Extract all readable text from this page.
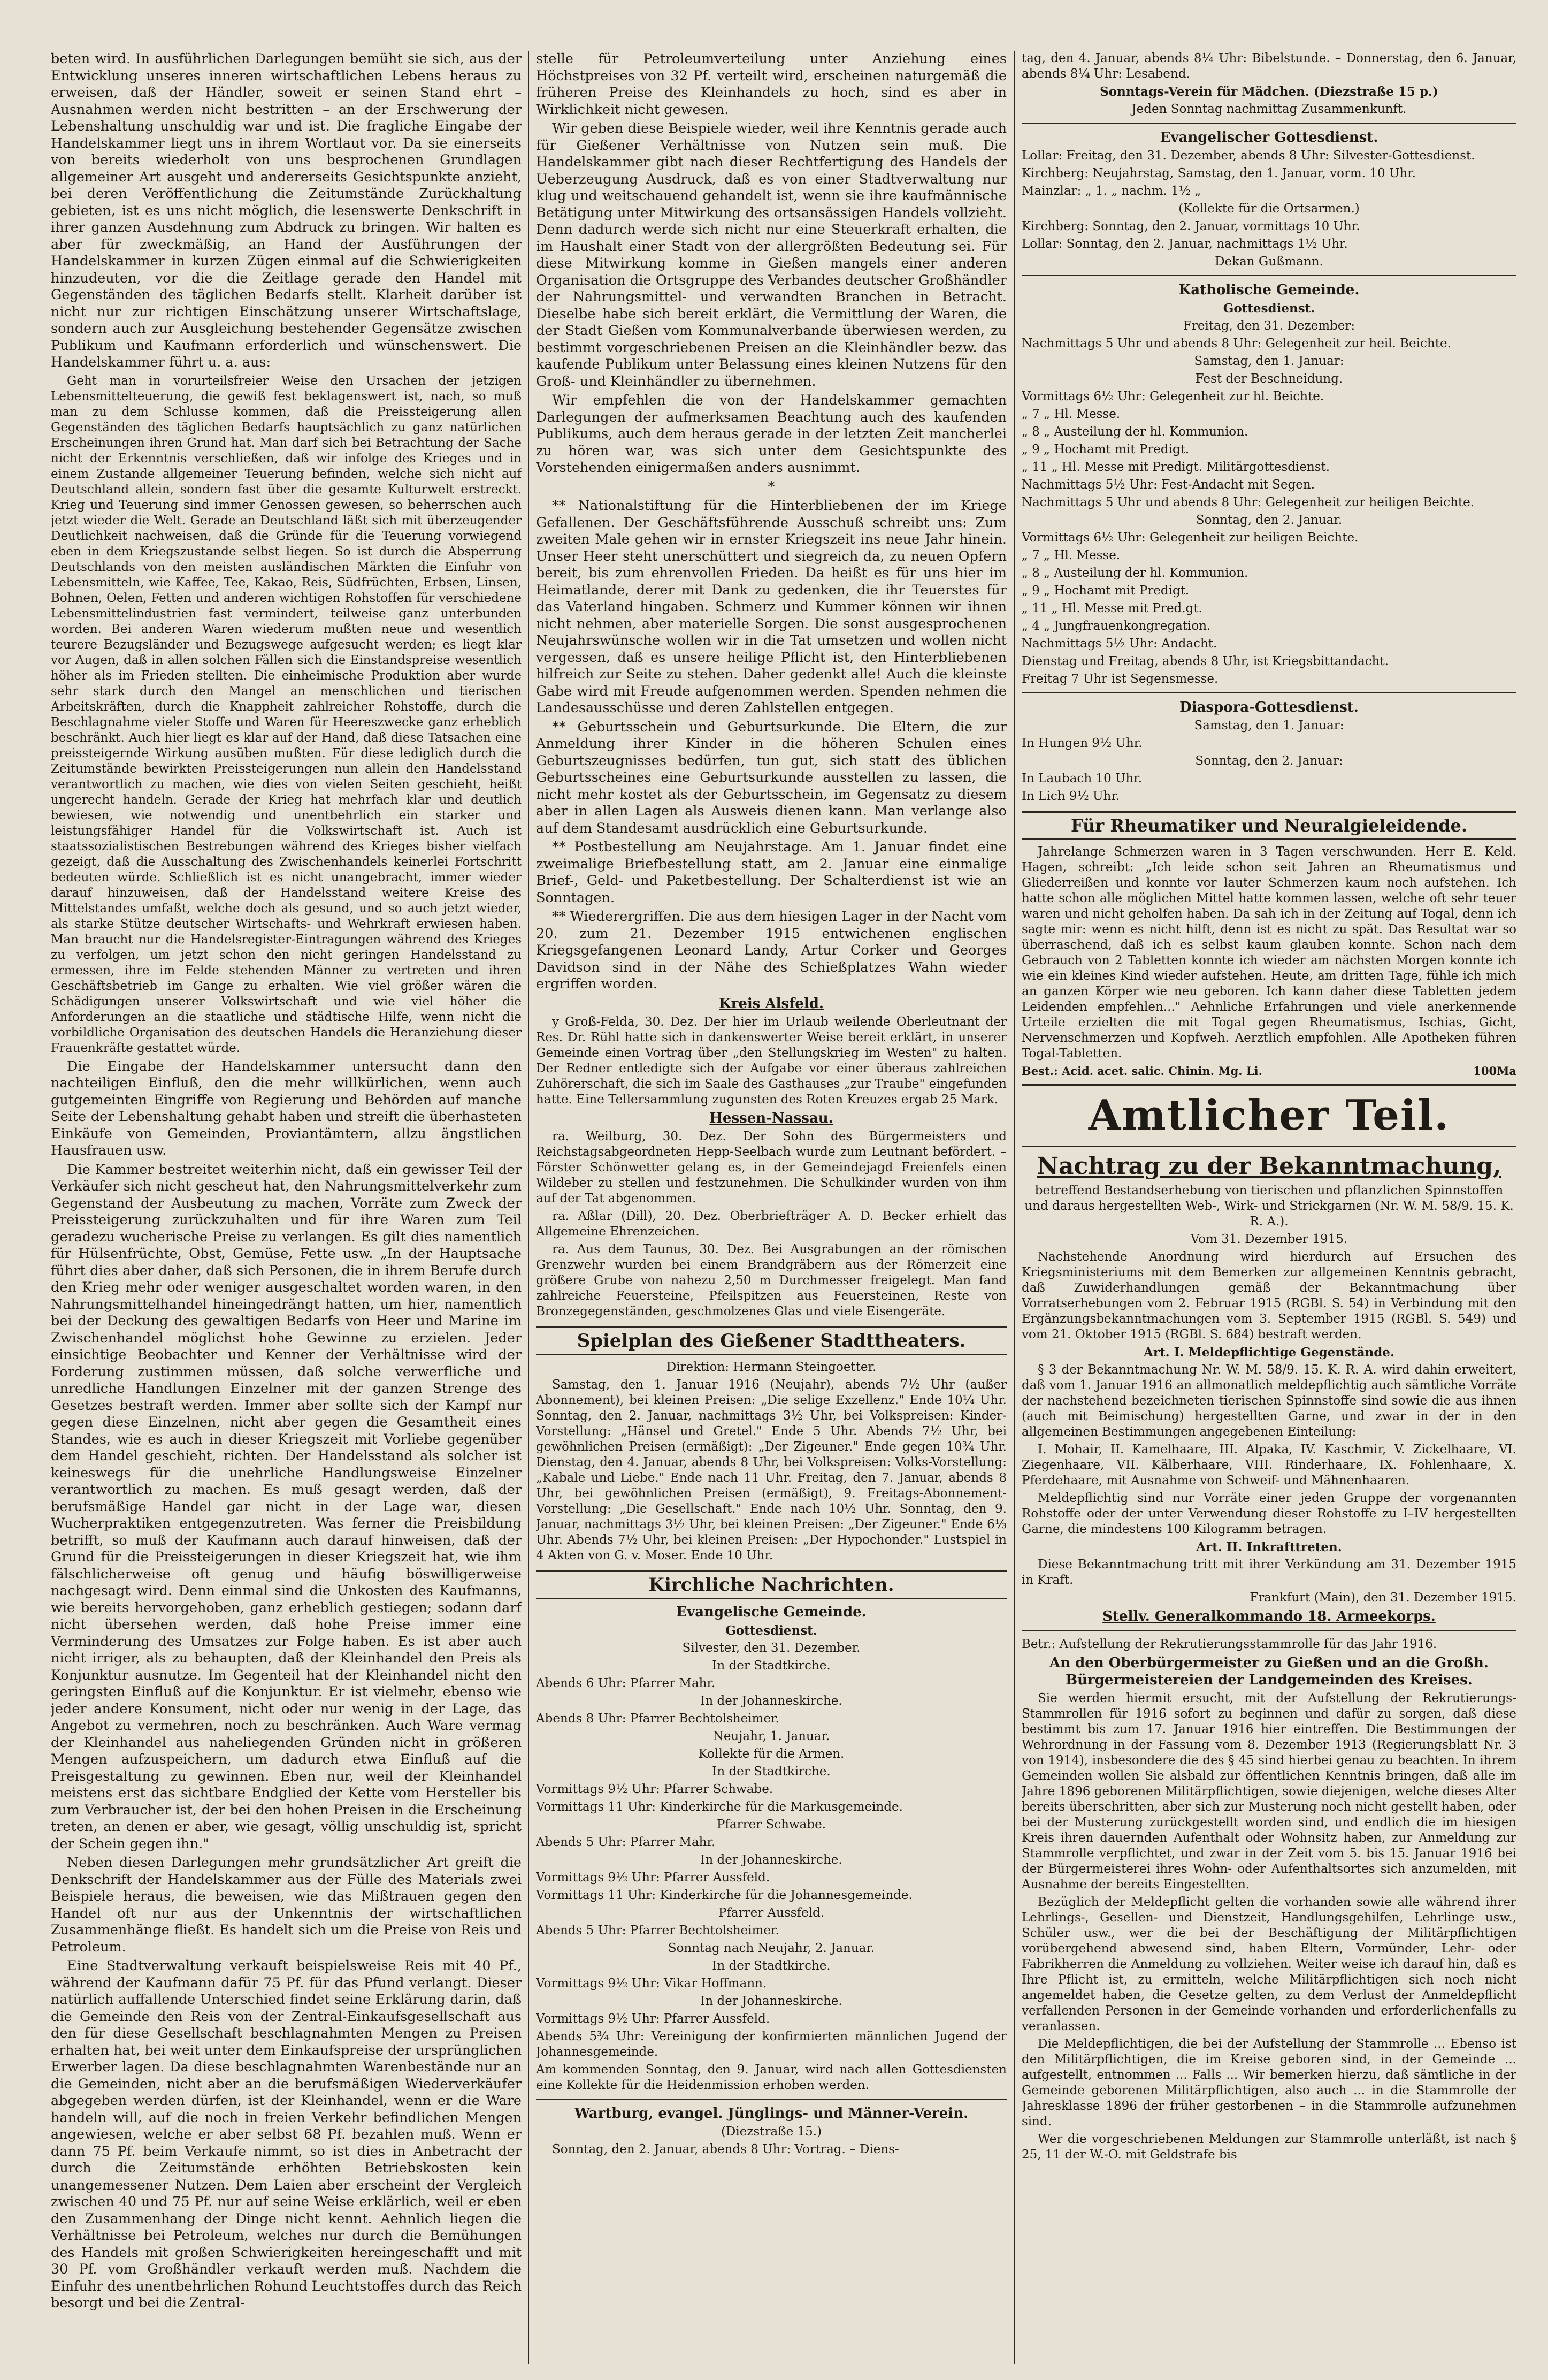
beten wird. In ausführlichen Darlegungen bemüht sie sich, aus der Entwicklung unseres inneren wirtschaftlichen Lebens heraus zu erweisen, daß der Händler, soweit er seinen Stand ehrt – Ausnahmen werden nicht bestritten – an der Erschwerung der Lebenshaltung unschuldig war und ist. Die fragliche Eingabe der Handelskammer liegt uns in ihrem Wortlaut vor. Da sie einerseits von bereits wiederholt von uns besprochenen Grundlagen allgemeiner Art ausgeht und andererseits Gesichtspunkte anzieht, bei deren Veröffentlichung die Zeitumstände Zurückhaltung gebieten, ist es uns nicht möglich, die lesenswerte Denkschrift in ihrer ganzen Ausdehnung zum Abdruck zu bringen. Wir halten es aber für zweckmäßig, an Hand der Ausführungen der Handelskammer in kurzen Zügen einmal auf die Schwierigkeiten hinzudeuten, vor die die Zeitlage gerade den Handel mit Gegenständen des täglichen Bedarfs stellt. Klarheit darüber ist nicht nur zur richtigen Einschätzung unserer Wirtschaftslage, sondern auch zur Ausgleichung bestehender Gegensätze zwischen Publikum und Kaufmann erforderlich und wünschenswert. Die Handelskammer führt u. a. aus:

Geht man in vorurteilsfreier Weise den Ursachen der jetzigen Lebensmittelteuerung, die gewiß fest beklagenswert ist, nach, so muß man zu dem Schlusse kommen, daß die Preissteigerung allen Gegenständen des täglichen Bedarfs hauptsächlich zu ganz natürlichen Erscheinungen ihren Grund hat. Man darf sich bei Betrachtung der Sache nicht der Erkenntnis verschließen, daß wir infolge des Krieges und in einem Zustande allgemeiner Teuerung befinden, welche sich nicht auf Deutschland allein, sondern fast über die gesamte Kulturwelt erstreckt. Krieg und Teuerung sind immer Genossen gewesen, so beherrschen auch jetzt wieder die Welt. Gerade an Deutschland läßt sich mit überzeugender Deutlichkeit nachweisen, daß die Gründe für die Teuerung vorwiegend eben in dem Kriegszustande selbst liegen. So ist durch die Absperrung Deutschlands von den meisten ausländischen Märkten die Einfuhr von Lebensmitteln, wie Kaffee, Tee, Kakao, Reis, Südfrüchten, Erbsen, Linsen, Bohnen, Oelen, Fetten und anderen wichtigen Rohstoffen für verschiedene Lebensmittelindustrien fast vermindert, teilweise ganz unterbunden worden. Bei anderen Waren wiederum mußten neue und wesentlich teurere Bezugsländer und Bezugswege aufgesucht werden; es liegt klar vor Augen, daß in allen solchen Fällen sich die Einstandspreise wesentlich höher als im Frieden stellten. Die einheimische Produktion aber wurde sehr stark durch den Mangel an menschlichen und tierischen Arbeitskräften, durch die Knappheit zahlreicher Rohstoffe, durch die Beschlagnahme vieler Stoffe und Waren für Heereszwecke ganz erheblich beschränkt. Auch hier liegt es klar auf der Hand, daß diese Tatsachen eine preissteigernde Wirkung ausüben mußten. Für diese lediglich durch die Zeitumstände bewirkten Preissteigerungen nun allein den Handelsstand verantwortlich zu machen, wie dies von vielen Seiten geschieht, heißt ungerecht handeln. Gerade der Krieg hat mehrfach klar und deutlich bewiesen, wie notwendig und unentbehrlich ein starker und leistungsfähiger Handel für die Volkswirtschaft ist. Auch ist staatssozialistischen Bestrebungen während des Krieges bisher vielfach gezeigt, daß die Ausschaltung des Zwischenhandels keinerlei Fortschritt bedeuten würde. Schließlich ist es nicht unangebracht, immer wieder darauf hinzuweisen, daß der Handelsstand weitere Kreise des Mittelstandes umfaßt, welche doch als gesund, und so auch jetzt wieder, als starke Stütze deutscher Wirtschafts- und Wehrkraft erwiesen haben. Man braucht nur die Handelsregister-Eintragungen während des Krieges zu verfolgen, um jetzt schon den nicht geringen Handelsstand zu ermessen, ihre im Felde stehenden Männer zu vertreten und ihren Geschäftsbetrieb im Gange zu erhalten. Wie viel größer wären die Schädigungen unserer Volkswirtschaft und wie viel höher die Anforderungen an die staatliche und städtische Hilfe, wenn nicht die vorbildliche Organisation des deutschen Handels die Heranziehung dieser Frauenkräfte gestattet würde.

Die Eingabe der Handelskammer untersucht dann den nachteiligen Einfluß, den die mehr willkürlichen, wenn auch gutgemeinten Eingriffe von Regierung und Behörden auf manche Seite der Lebenshaltung gehabt haben und streift die überhasteten Einkäufe von Gemeinden, Proviantämtern, allzu ängstlichen Hausfrauen usw.

Die Kammer bestreitet weiterhin nicht, daß ein gewisser Teil der Verkäufer sich nicht gescheut hat, den Nahrungsmittelverkehr zum Gegenstand der Ausbeutung zu machen, Vorräte zum Zweck der Preissteigerung zurückzuhalten und für ihre Waren zum Teil geradezu wucherische Preise zu verlangen. Es gilt dies namentlich für Hülsenfrüchte, Obst, Gemüse, Fette usw. „In der Hauptsache führt dies aber daher, daß sich Personen, die in ihrem Berufe durch den Krieg mehr oder weniger ausgeschaltet worden waren, in den Nahrungsmittelhandel hineingedrängt hatten, um hier, namentlich bei der Deckung des gewaltigen Bedarfs von Heer und Marine im Zwischenhandel möglichst hohe Gewinne zu erzielen. Jeder einsichtige Beobachter und Kenner der Verhältnisse wird der Forderung zustimmen müssen, daß solche verwerfliche und unredliche Handlungen Einzelner mit der ganzen Strenge des Gesetzes bestraft werden. Immer aber sollte sich der Kampf nur gegen diese Einzelnen, nicht aber gegen die Gesamtheit eines Standes, wie es auch in dieser Kriegszeit mit Vorliebe gegenüber dem Handel geschieht, richten. Der Handelsstand als solcher ist keineswegs für die unehrliche Handlungsweise Einzelner verantwortlich zu machen. Es muß gesagt werden, daß der berufsmäßige Handel gar nicht in der Lage war, diesen Wucherpraktiken entgegenzutreten. Was ferner die Preisbildung betrifft, so muß der Kaufmann auch darauf hinweisen, daß der Grund für die Preissteigerungen in dieser Kriegszeit hat, wie ihm fälschlicherweise oft genug und häufig böswilligerweise nachgesagt wird. Denn einmal sind die Unkosten des Kaufmanns, wie bereits hervorgehoben, ganz erheblich gestiegen; sodann darf nicht übersehen werden, daß hohe Preise immer eine Verminderung des Umsatzes zur Folge haben. Es ist aber auch nicht irriger, als zu behaupten, daß der Kleinhandel den Preis als Konjunktur ausnutze. Im Gegenteil hat der Kleinhandel nicht den geringsten Einfluß auf die Konjunktur. Er ist vielmehr, ebenso wie jeder andere Konsument, nicht oder nur wenig in der Lage, das Angebot zu vermehren, noch zu beschränken. Auch Ware vermag der Kleinhandel aus naheliegenden Gründen nicht in größeren Mengen aufzuspeichern, um dadurch etwa Einfluß auf die Preisgestaltung zu gewinnen. Eben nur, weil der Kleinhandel meistens erst das sichtbare Endglied der Kette vom Hersteller bis zum Verbraucher ist, der bei den hohen Preisen in die Erscheinung treten, an denen er aber, wie gesagt, völlig unschuldig ist, spricht der Schein gegen ihn."

Neben diesen Darlegungen mehr grundsätzlicher Art greift die Denkschrift der Handelskammer aus der Fülle des Materials zwei Beispiele heraus, die beweisen, wie das Mißtrauen gegen den Handel oft nur aus der Unkenntnis der wirtschaftlichen Zusammenhänge fließt. Es handelt sich um die Preise von Reis und Petroleum.

Eine Stadtverwaltung verkauft beispielsweise Reis mit 40 Pf., während der Kaufmann dafür 75 Pf. für das Pfund verlangt. Dieser natürlich auffallende Unterschied findet seine Erklärung darin, daß die Gemeinde den Reis von der Zentral-Einkaufsgesellschaft aus den für diese Gesellschaft beschlagnahmten Mengen zu Preisen erhalten hat, bei weit unter dem Einkaufspreise der ursprünglichen Erwerber lagen. Da diese beschlagnahmten Warenbestände nur an die Gemeinden, nicht aber an die berufsmäßigen Wiederverkäufer abgegeben werden dürfen, ist der Kleinhandel, wenn er die Ware handeln will, auf die noch in freien Verkehr befindlichen Mengen angewiesen, welche er aber selbst 68 Pf. bezahlen muß. Wenn er dann 75 Pf. beim Verkaufe nimmt, so ist dies in Anbetracht der durch die Zeitumstände erhöhten Betriebskosten kein unangemessener Nutzen. Dem Laien aber erscheint der Vergleich zwischen 40 und 75 Pf. nur auf seine Weise erklärlich, weil er eben den Zusammenhang der Dinge nicht kennt. Aehnlich liegen die Verhältnisse bei Petroleum, welches nur durch die Bemühungen des Handels mit großen Schwierigkeiten hereingeschafft und mit 30 Pf. vom Großhändler verkauft werden muß. Nachdem die Einfuhr des unentbehrlichen Rohund Leuchtstoffes durch das Reich besorgt und bei die Zentral-

stelle für Petroleumverteilung unter Anziehung eines Höchstpreises von 32 Pf. verteilt wird, erscheinen naturgemäß die früheren Preise des Kleinhandels zu hoch, sind es aber in Wirklichkeit nicht gewesen.

Wir geben diese Beispiele wieder, weil ihre Kenntnis gerade auch für Gießener Verhältnisse von Nutzen sein muß. Die Handelskammer gibt nach dieser Rechtfertigung des Handels der Ueberzeugung Ausdruck, daß es von einer Stadtverwaltung nur klug und weitschauend gehandelt ist, wenn sie ihre kaufmännische Betätigung unter Mitwirkung des ortsansässigen Handels vollzieht. Denn dadurch werde sich nicht nur eine Steuerkraft erhalten, die im Haushalt einer Stadt von der allergrößten Bedeutung sei. Für diese Mitwirkung komme in Gießen mangels einer anderen Organisation die Ortsgruppe des Verbandes deutscher Großhändler der Nahrungsmittel- und verwandten Branchen in Betracht. Dieselbe habe sich bereit erklärt, die Vermittlung der Waren, die der Stadt Gießen vom Kommunalverbande überwiesen werden, zu bestimmt vorgeschriebenen Preisen an die Kleinhändler bezw. das kaufende Publikum unter Belassung eines kleinen Nutzens für den Groß- und Kleinhändler zu übernehmen.

Wir empfehlen die von der Handelskammer gemachten Darlegungen der aufmerksamen Beachtung auch des kaufenden Publikums, auch dem heraus gerade in der letzten Zeit mancherlei zu hören war, was sich unter dem Gesichtspunkte des Vorstehenden einigermaßen anders ausnimmt.

*

** Nationalstiftung für die Hinterbliebenen der im Kriege Gefallenen. Der Geschäftsführende Ausschuß schreibt uns: Zum zweiten Male gehen wir in ernster Kriegszeit ins neue Jahr hinein. Unser Heer steht unerschüttert und siegreich da, zu neuen Opfern bereit, bis zum ehrenvollen Frieden. Da heißt es für uns hier im Heimatlande, derer mit Dank zu gedenken, die ihr Teuerstes für das Vaterland hingaben. Schmerz und Kummer können wir ihnen nicht nehmen, aber materielle Sorgen. Die sonst ausgesprochenen Neujahrswünsche wollen wir in die Tat umsetzen und wollen nicht vergessen, daß es unsere heilige Pflicht ist, den Hinterbliebenen hilfreich zur Seite zu stehen. Daher gedenkt alle! Auch die kleinste Gabe wird mit Freude aufgenommen werden. Spenden nehmen die Landesausschüsse und deren Zahlstellen entgegen.

** Geburtsschein und Geburtsurkunde. Die Eltern, die zur Anmeldung ihrer Kinder in die höheren Schulen eines Geburtszeugnisses bedürfen, tun gut, sich statt des üblichen Geburtsscheines eine Geburtsurkunde ausstellen zu lassen, die nicht mehr kostet als der Geburtsschein, im Gegensatz zu diesem aber in allen Lagen als Ausweis dienen kann. Man verlange also auf dem Standesamt ausdrücklich eine Geburtsurkunde.

** Postbestellung am Neujahrstage. Am 1. Januar findet eine zweimalige Briefbestellung statt, am 2. Januar eine einmalige Brief-, Geld- und Paketbestellung. Der Schalterdienst ist wie an Sonntagen.

** Wiederergriffen. Die aus dem hiesigen Lager in der Nacht vom 20. zum 21. Dezember 1915 entwichenen englischen Kriegsgefangenen Leonard Landy, Artur Corker und Georges Davidson sind in der Nähe des Schießplatzes Wahn wieder ergriffen worden.

Kreis Alsfeld.

y Groß-Felda, 30. Dez. Der hier im Urlaub weilende Oberleutnant der Res. Dr. Rühl hatte sich in dankenswerter Weise bereit erklärt, in unserer Gemeinde einen Vortrag über „den Stellungskrieg im Westen" zu halten. Der Redner entledigte sich der Aufgabe vor einer überaus zahlreichen Zuhörerschaft, die sich im Saale des Gasthauses „zur Traube" eingefunden hatte. Eine Tellersammlung zugunsten des Roten Kreuzes ergab 25 Mark.

Hessen-Nassau.

ra. Weilburg, 30. Dez. Der Sohn des Bürgermeisters und Reichstagsabgeordneten Hepp-Seelbach wurde zum Leutnant befördert. – Förster Schönwetter gelang es, in der Gemeindejagd Freienfels einen Wildeber zu stellen und festzunehmen. Die Schulkinder wurden von ihm auf der Tat abgenommen.

ra. Aßlar (Dill), 20. Dez. Oberbriefträger A. D. Becker erhielt das Allgemeine Ehrenzeichen.

ra. Aus dem Taunus, 30. Dez. Bei Ausgrabungen an der römischen Grenzwehr wurden bei einem Brandgräbern aus der Römerzeit eine größere Grube von nahezu 2,50 m Durchmesser freigelegt. Man fand zahlreiche Feuersteine, Pfeilspitzen aus Feuersteinen, Reste von Bronzegegenständen, geschmolzenes Glas und viele Eisengeräte.

Spielplan des Gießener Stadttheaters.
Direktion: Hermann Steingoetter.

Samstag, den 1. Januar 1916 (Neujahr), abends 7½ Uhr (außer Abonnement), bei kleinen Preisen: „Die selige Exzellenz." Ende 10¼ Uhr. Sonntag, den 2. Januar, nachmittags 3½ Uhr, bei Volkspreisen: Kinder-Vorstellung: „Hänsel und Gretel." Ende 5 Uhr. Abends 7½ Uhr, bei gewöhnlichen Preisen (ermäßigt): „Der Zigeuner." Ende gegen 10¾ Uhr. Dienstag, den 4. Januar, abends 8 Uhr, bei Volkspreisen: Volks-Vorstellung: „Kabale und Liebe." Ende nach 11 Uhr. Freitag, den 7. Januar, abends 8 Uhr, bei gewöhnlichen Preisen (ermäßigt), 9. Freitags-Abonnement-Vorstellung: „Die Gesellschaft." Ende nach 10½ Uhr. Sonntag, den 9. Januar, nachmittags 3½ Uhr, bei kleinen Preisen: „Der Zigeuner." Ende 6⅓ Uhr. Abends 7½ Uhr, bei kleinen Preisen: „Der Hypochonder." Lustspiel in 4 Akten von G. v. Moser. Ende 10 Uhr.

Kirchliche Nachrichten.
Evangelische Gemeinde.
Gottesdienst.
Silvester, den 31. Dezember.
In der Stadtkirche.
Abends 6 Uhr: Pfarrer Mahr.
In der Johanneskirche.
Abends 8 Uhr: Pfarrer Bechtolsheimer.
Neujahr, 1. Januar.
Kollekte für die Armen.
In der Stadtkirche.
Vormittags 9½ Uhr: Pfarrer Schwabe.
Vormittags 11 Uhr: Kinderkirche für die Markusgemeinde.
Pfarrer Schwabe.
Abends 5 Uhr: Pfarrer Mahr.
In der Johanneskirche.
Vormittags 9½ Uhr: Pfarrer Aussfeld.
Vormittags 11 Uhr: Kinderkirche für die Johannesgemeinde.
Pfarrer Aussfeld.
Abends 5 Uhr: Pfarrer Bechtolsheimer.
Sonntag nach Neujahr, 2. Januar.
In der Stadtkirche.
Vormittags 9½ Uhr: Vikar Hoffmann.
In der Johanneskirche.
Vormittags 9½ Uhr: Pfarrer Aussfeld.
Abends 5¾ Uhr: Vereinigung der konfirmierten männlichen Jugend der Johannesgemeinde.
Am kommenden Sonntag, den 9. Januar, wird nach allen Gottesdiensten eine Kollekte für die Heidenmission erhoben werden.
Wartburg, evangel. Jünglings- und Männer-Verein.
(Diezstraße 15.)
Sonntag, den 2. Januar, abends 8 Uhr: Vortrag. – Diens-

tag, den 4. Januar, abends 8¼ Uhr: Bibelstunde. – Donnerstag, den 6. Januar, abends 8¼ Uhr: Lesabend.

Sonntags-Verein für Mädchen. (Diezstraße 15 p.)

Jeden Sonntag nachmittag Zusammenkunft.

Evangelischer Gottesdienst.
Lollar: Freitag, den 31. Dezember, abends 8 Uhr: Silvester-Gottesdienst.
Kirchberg: Neujahrstag, Samstag, den 1. Januar, vorm. 10 Uhr.
Mainzlar: „ 1. „ nachm. 1½ „
(Kollekte für die Ortsarmen.)
Kirchberg: Sonntag, den 2. Januar, vormittags 10 Uhr.
Lollar: Sonntag, den 2. Januar, nachmittags 1½ Uhr.
Dekan Gußmann.
Katholische Gemeinde.
Gottesdienst.
Freitag, den 31. Dezember:
Nachmittags 5 Uhr und abends 8 Uhr: Gelegenheit zur heil. Beichte.
Samstag, den 1. Januar:
Fest der Beschneidung.
Vormittags 6½ Uhr: Gelegenheit zur hl. Beichte.
„ 7 „ Hl. Messe.
„ 8 „ Austeilung der hl. Kommunion.
„ 9 „ Hochamt mit Predigt.
„ 11 „ Hl. Messe mit Predigt. Militärgottesdienst.
Nachmittags 5½ Uhr: Fest-Andacht mit Segen.
Nachmittags 5 Uhr und abends 8 Uhr: Gelegenheit zur heiligen Beichte.
Sonntag, den 2. Januar.
Vormittags 6½ Uhr: Gelegenheit zur heiligen Beichte.
„ 7 „ Hl. Messe.
„ 8 „ Austeilung der hl. Kommunion.
„ 9 „ Hochamt mit Predigt.
„ 11 „ Hl. Messe mit Pred.gt.
„ 4 „ Jungfrauenkongregation.
Nachmittags 5½ Uhr: Andacht.
Dienstag und Freitag, abends 8 Uhr, ist Kriegsbittandacht.
Freitag 7 Uhr ist Segensmesse.
Diaspora-Gottesdienst.
Samstag, den 1. Januar:
In Hungen 9½ Uhr.
Sonntag, den 2. Januar:
In Laubach 10 Uhr.
In Lich 9½ Uhr.
Für Rheumatiker und Neuralgieleidende.

Jahrelange Schmerzen waren in 3 Tagen verschwunden. Herr E. Keld. Hagen, schreibt: „Ich leide schon seit Jahren an Rheumatismus und Gliederreißen und konnte vor lauter Schmerzen kaum noch aufstehen. Ich hatte schon alle möglichen Mittel hatte kommen lassen, welche oft sehr teuer waren und nicht geholfen haben. Da sah ich in der Zeitung auf Togal, denn ich sagte mir: wenn es nicht hilft, denn ist es nicht zu spät. Das Resultat war so überraschend, daß ich es selbst kaum glauben konnte. Schon nach dem Gebrauch von 2 Tabletten konnte ich wieder am nächsten Morgen konnte ich wie ein kleines Kind wieder aufstehen. Heute, am dritten Tage, fühle ich mich an ganzen Körper wie neu geboren. Ich kann daher diese Tabletten jedem Leidenden empfehlen..." Aehnliche Erfahrungen und viele anerkennende Urteile erzielten die mit Togal gegen Rheumatismus, Ischias, Gicht, Nervenschmerzen und Kopfweh. Aerztlich empfohlen. Alle Apotheken führen Togal-Tabletten.

Best.: Acid. acet. salic. Chinin. Mg. Li.	100Ma
Amtlicher Teil.
Nachtrag zu der Bekanntmachung,

betreffend Bestandserhebung von tierischen und pflanzlichen Spinnstoffen und daraus hergestellten Web-, Wirk- und Strickgarnen (Nr. W. M. 58/9. 15. K. R. A.).

Vom 31. Dezember 1915.

Nachstehende Anordnung wird hierdurch auf Ersuchen des Kriegsministeriums mit dem Bemerken zur allgemeinen Kenntnis gebracht, daß Zuwiderhandlungen gemäß der Bekanntmachung über Vorratserhebungen vom 2. Februar 1915 (RGBl. S. 54) in Verbindung mit den Ergänzungsbekanntmachungen vom 3. September 1915 (RGBl. S. 549) und vom 21. Oktober 1915 (RGBl. S. 684) bestraft werden.

Art. I. Meldepflichtige Gegenstände.

§ 3 der Bekanntmachung Nr. W. M. 58/9. 15. K. R. A. wird dahin erweitert, daß vom 1. Januar 1916 an allmonatlich meldepflichtig auch sämtliche Vorräte der nachstehend bezeichneten tierischen Spinnstoffe sind sowie die aus ihnen (auch mit Beimischung) hergestellten Garne, und zwar in der in den allgemeinen Bestimmungen angegebenen Einteilung:

I. Mohair, II. Kamelhaare, III. Alpaka, IV. Kaschmir, V. Zickelhaare, VI. Ziegenhaare, VII. Kälberhaare, VIII. Rinderhaare, IX. Fohlenhaare, X. Pferdehaare, mit Ausnahme von Schweif- und Mähnenhaaren.

Meldepflichtig sind nur Vorräte einer jeden Gruppe der vorgenannten Rohstoffe oder der unter Verwendung dieser Rohstoffe zu I–IV hergestellten Garne, die mindestens 100 Kilogramm betragen.

Art. II. Inkrafttreten.

Diese Bekanntmachung tritt mit ihrer Verkündung am 31. Dezember 1915 in Kraft.

Frankfurt (Main), den 31. Dezember 1915.

Stellv. Generalkommando 18. Armeekorps.

Betr.: Aufstellung der Rekrutierungsstammrolle für das Jahr 1916.

An den Oberbürgermeister zu Gießen und an die Großh. Bürgermeistereien der Landgemeinden des Kreises.

Sie werden hiermit ersucht, mit der Aufstellung der Rekrutierungs-Stammrollen für 1916 sofort zu beginnen und dafür zu sorgen, daß diese bestimmt bis zum 17. Januar 1916 hier eintreffen. Die Bestimmungen der Wehrordnung in der Fassung vom 8. Dezember 1913 (Regierungsblatt Nr. 3 von 1914), insbesondere die des § 45 sind hierbei genau zu beachten. In ihrem Gemeinden wollen Sie alsbald zur öffentlichen Kenntnis bringen, daß alle im Jahre 1896 geborenen Militärpflichtigen, sowie diejenigen, welche dieses Alter bereits überschritten, aber sich zur Musterung noch nicht gestellt haben, oder bei der Musterung zurückgestellt worden sind, und endlich die im hiesigen Kreis ihren dauernden Aufenthalt oder Wohnsitz haben, zur Anmeldung zur Stammrolle verpflichtet, und zwar in der Zeit vom 5. bis 15. Januar 1916 bei der Bürgermeisterei ihres Wohn- oder Aufenthaltsortes sich anzumelden, mit Ausnahme der bereits Eingestellten.

Bezüglich der Meldepflicht gelten die vorhanden sowie alle während ihrer Lehrlings-, Gesellen- und Dienstzeit, Handlungsgehilfen, Lehrlinge usw., Schüler usw., wer die bei der Beschäftigung der Militärpflichtigen vorübergehend abwesend sind, haben Eltern, Vormünder, Lehr- oder Fabrikherren die Anmeldung zu vollziehen. Weiter weise ich darauf hin, daß es Ihre Pflicht ist, zu ermitteln, welche Militärpflichtigen sich noch nicht angemeldet haben, die Gesetze gelten, zu dem Verlust der Anmeldepflicht verfallenden Personen in der Gemeinde vorhanden und erforderlichenfalls zu veranlassen.

Die Meldepflichtigen, die bei der Aufstellung der Stammrolle ... Ebenso ist den Militärpflichtigen, die im Kreise geboren sind, in der Gemeinde ... aufgestellt, entnommen ... Falls ... Wir bemerken hierzu, daß sämtliche in der Gemeinde geborenen Militärpflichtigen, also auch ... in die Stammrolle der Jahresklasse 1896 der früher gestorbenen – in die Stammrolle aufzunehmen sind.

Wer die vorgeschriebenen Meldungen zur Stammrolle unterläßt, ist nach § 25, 11 der W.-O. mit Geldstrafe bis
